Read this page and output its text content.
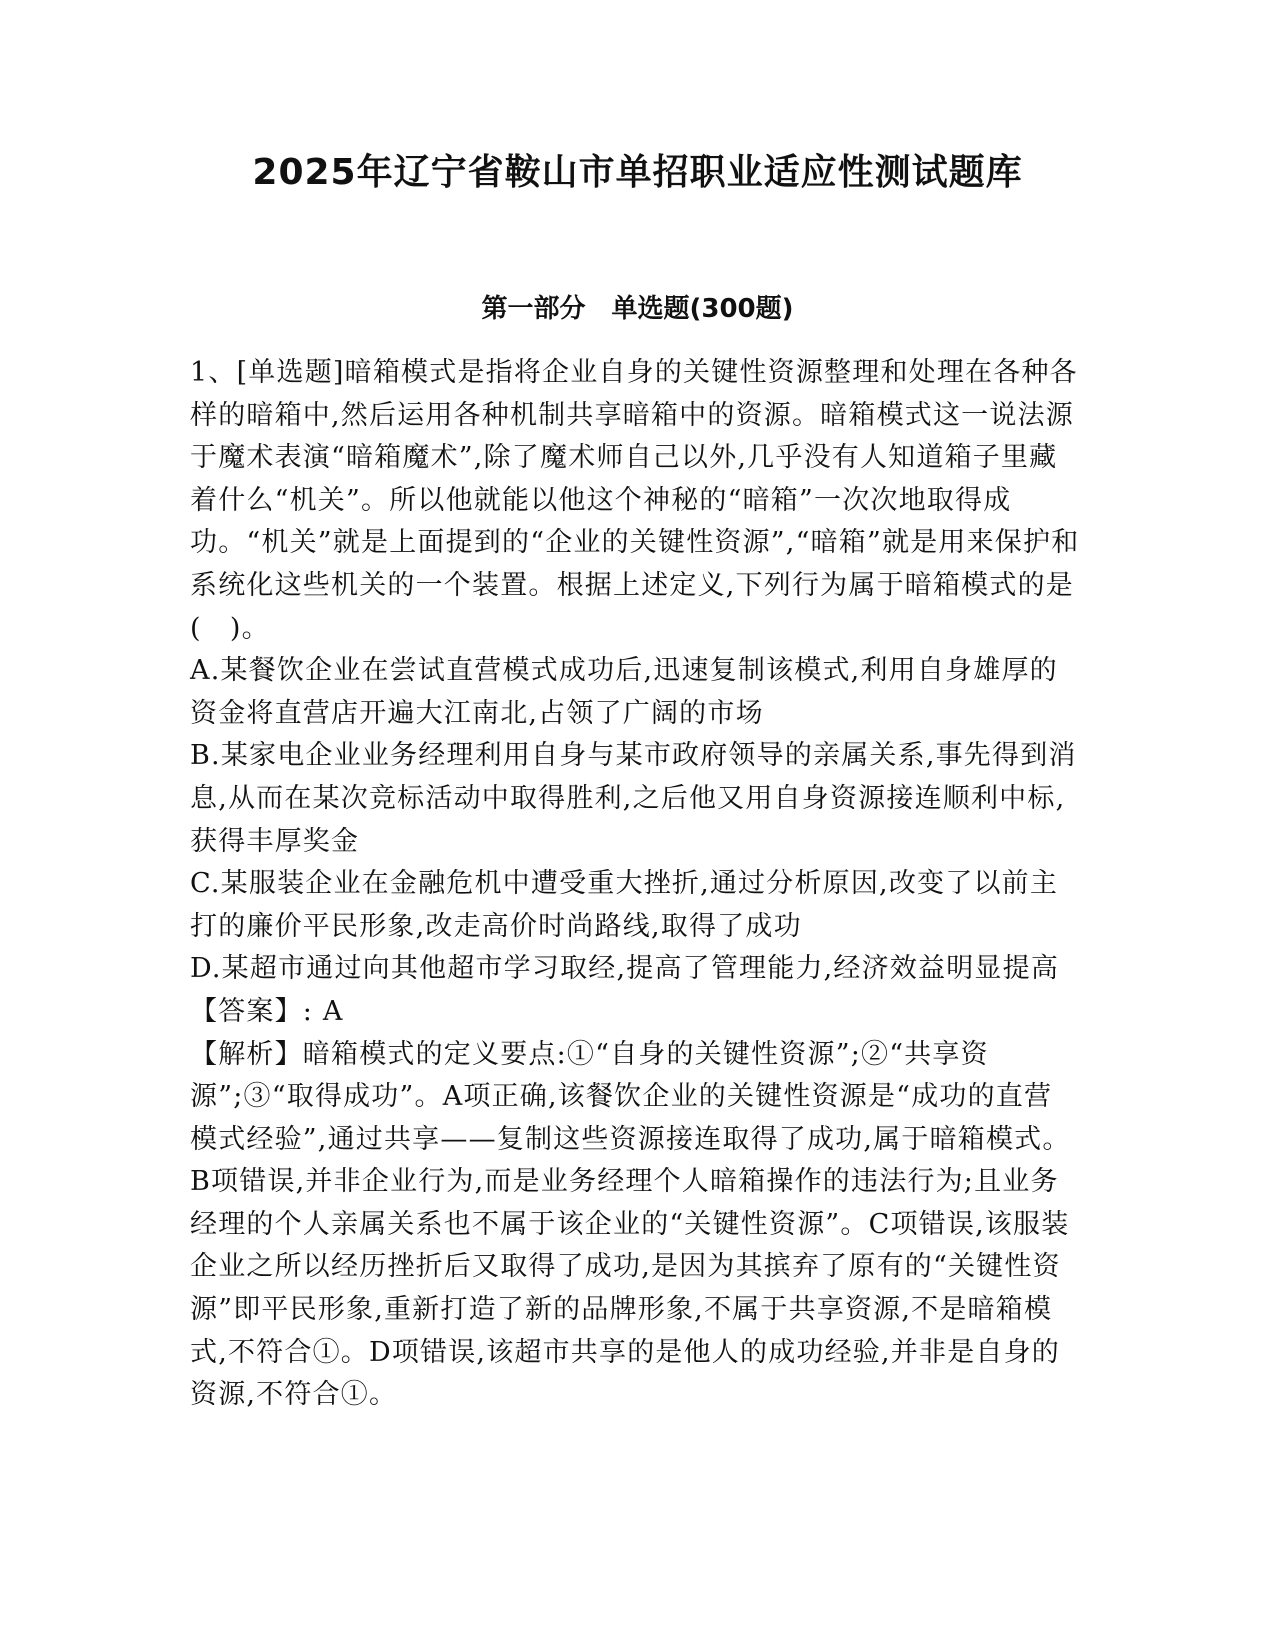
2025年辽宁省鞍山市单招职业适应性测试题库
第一部分　单选题(300题)

1、[单选题]暗箱模式是指将企业自身的关键性资源整理和处理在各种各样的暗箱中,然后运用各种机制共享暗箱中的资源。暗箱模式这一说法源于魔术表演“暗箱魔术”,除了魔术师自己以外,几乎没有人知道箱子里藏着什么“机关”。所以他就能以他这个神秘的“暗箱”一次次地取得成功。“机关”就是上面提到的“企业的关键性资源”,“暗箱”就是用来保护和系统化这些机关的一个装置。根据上述定义,下列行为属于暗箱模式的是(　)。

A.某餐饮企业在尝试直营模式成功后,迅速复制该模式,利用自身雄厚的资金将直营店开遍大江南北,占领了广阔的市场

B.某家电企业业务经理利用自身与某市政府领导的亲属关系,事先得到消息,从而在某次竞标活动中取得胜利,之后他又用自身资源接连顺利中标,获得丰厚奖金

C.某服装企业在金融危机中遭受重大挫折,通过分析原因,改变了以前主打的廉价平民形象,改走高价时尚路线,取得了成功

D.某超市通过向其他超市学习取经,提高了管理能力,经济效益明显提高

【答案】: A

【解析】暗箱模式的定义要点:①“自身的关键性资源”;②“共享资源”;③“取得成功”。A项正确,该餐饮企业的关键性资源是“成功的直营模式经验”,通过共享——复制这些资源接连取得了成功,属于暗箱模式。B项错误,并非企业行为,而是业务经理个人暗箱操作的违法行为;且业务经理的个人亲属关系也不属于该企业的“关键性资源”。C项错误,该服装企业之所以经历挫折后又取得了成功,是因为其摈弃了原有的“关键性资源”即平民形象,重新打造了新的品牌形象,不属于共享资源,不是暗箱模式,不符合①。D项错误,该超市共享的是他人的成功经验,并非是自身的资源,不符合①。
